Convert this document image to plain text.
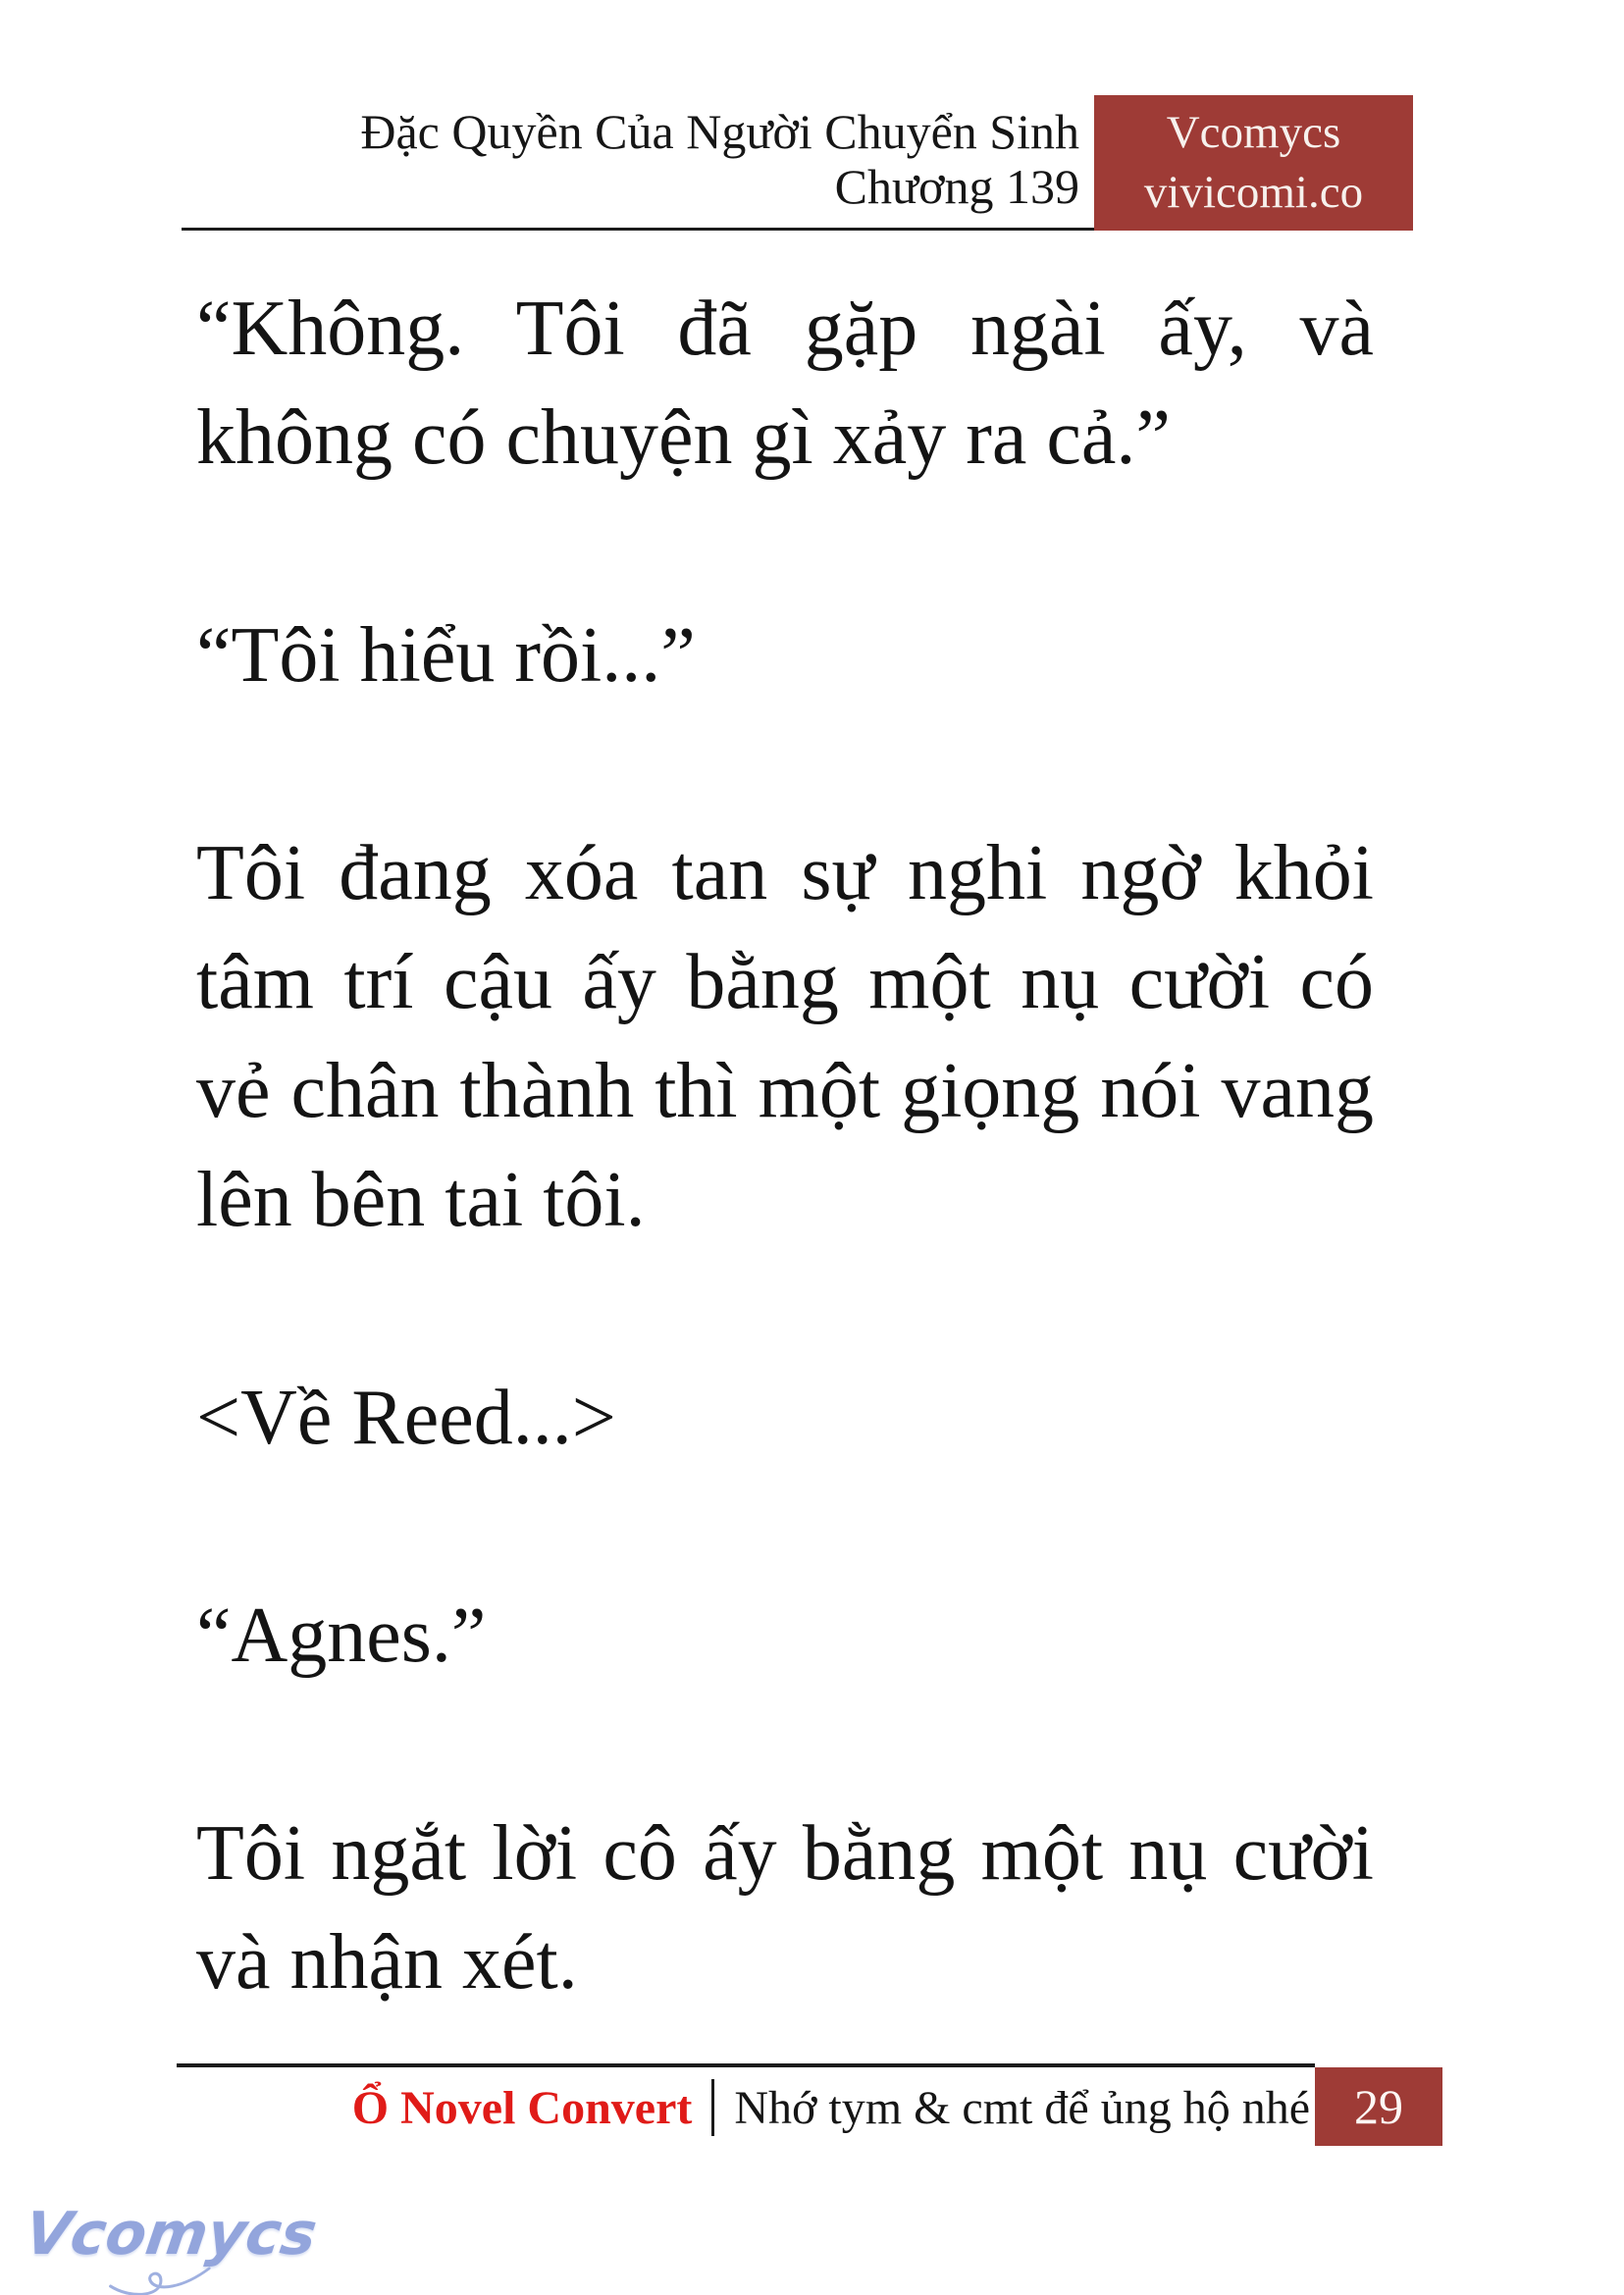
Đặc Quyền Của Người Chuyển Sinh
Chương 139
Vcomycs
vivicomi.co

“Không. Tôi đã gặp ngài ấy, và không có chuyện gì xảy ra cả.”

“Tôi hiểu rồi...”

Tôi đang xóa tan sự nghi ngờ khỏi tâm trí cậu ấy bằng một nụ cười có vẻ chân thành thì một giọng nói vang lên bên tai tôi.

<Về Reed...>

“Agnes.”

Tôi ngắt lời cô ấy bằng một nụ cười và nhận xét.

Ổ Novel Convert Nhớ tym & cmt để ủng hộ nhé 29
Vcomycs
